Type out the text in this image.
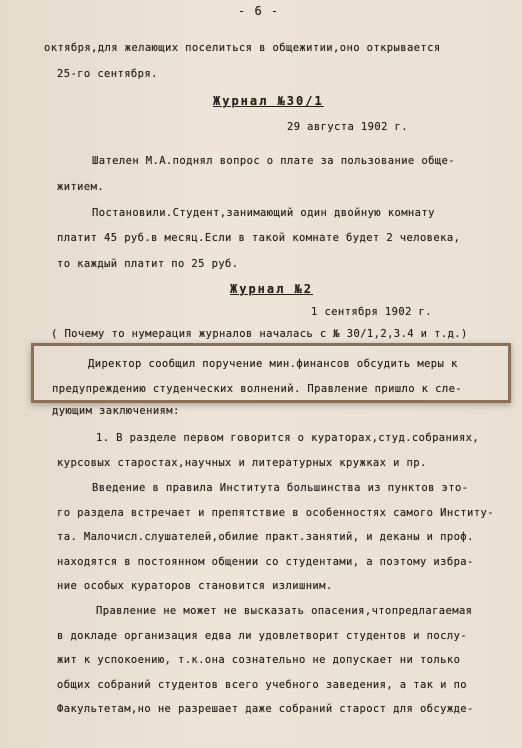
- 6 -
октября,для желающих поселиться в общежитии,оно открывается
25-го сентября.
Журнал №30/1
29 августа 1902 г.
Шателен М.А.поднял вопрос о плате за пользование обще-
житием.
Постановили.Студент,занимающий один двойную комнату
платит 45 руб.в месяц.Если в такой комнате будет 2 человека,
то каждый платит по 25 руб.
Журнал №2
1 сентября 1902 г.
( Почему то нумерация журналов началась с № 30/1,2,3.4 и т.д.)
Директор сообщил поручение мин.финансов обсудить меры к
предупреждению студенческих волнений. Правление пришло к сле-
дующим заключениям:
1. В разделе первом говорится о кураторах,студ.собраниях,
курсовых старостах,научных и литературных кружках и пр.
Введение в правила Института большинства из пунктов это-
го раздела встречает и препятствие в особенностях самого Институ-
та. Малочисл.слушателей,обилие практ.занятий, и деканы и проф.
находятся в постоянном общении со студентами, а поэтому избра-
ние особых кураторов становится излишним.
Правление не может не высказать опасения,чтопредлагаемая
в докладе организация едва ли удовлетворит студентов и послу-
жит к успокоению, т.к.она сознательно не допускает ни только
общих собраний студентов всего учебного заведения, а так и по
Факультетам,но не разрешает даже собраний старост для обсужде-
